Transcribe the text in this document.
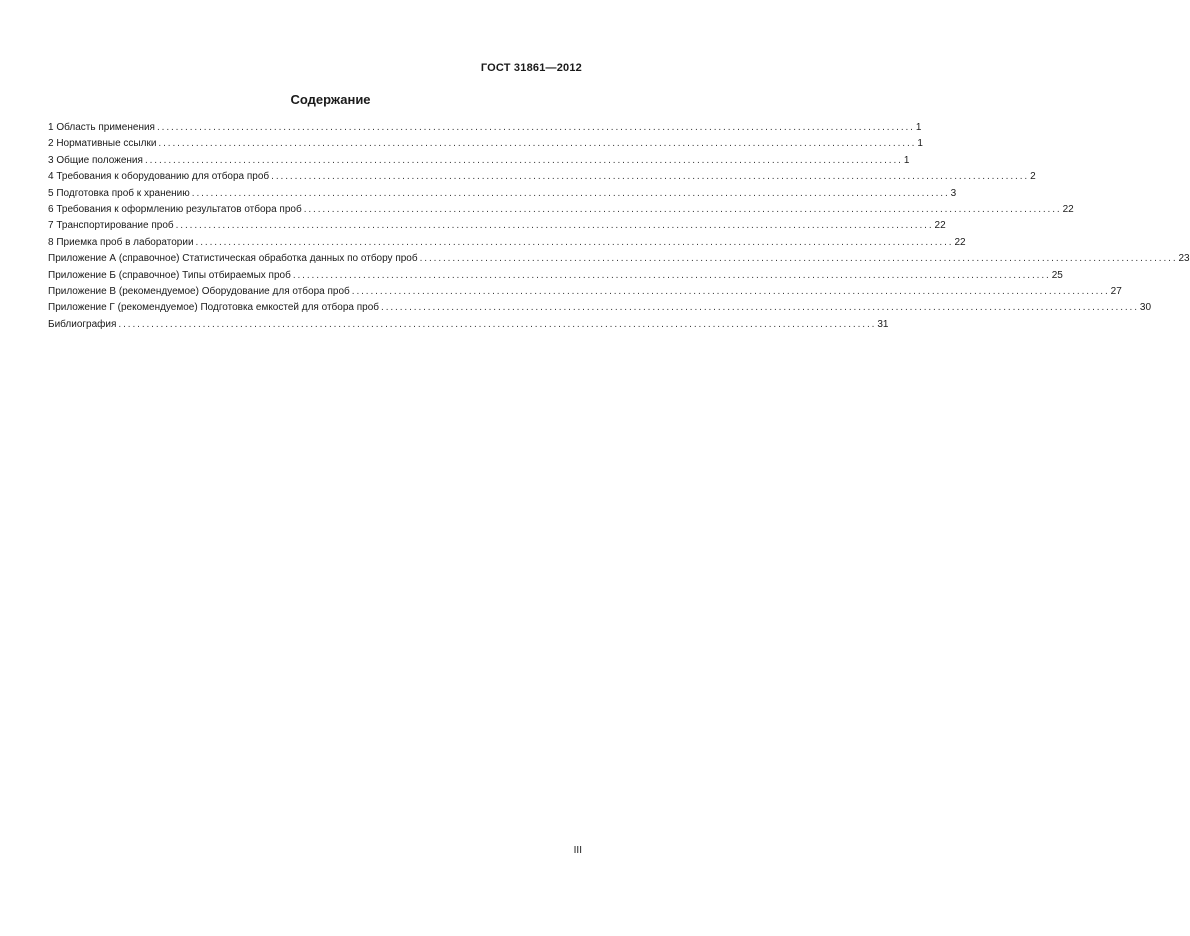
ГОСТ 31861—2012
Содержание
1 Область применения .................................................................................................................................................................. 1
2 Нормативные ссылки .................................................................................................................................................................. 1
3 Общие положения .................................................................................................................................................................. 1
4 Требования к оборудованию для отбора проб .................................................................................................................................................................. 2
5 Подготовка проб к хранению .................................................................................................................................................................. 3
6 Требования к оформлению результатов отбора проб .................................................................................................................................................................. 22
7 Транспортирование проб .................................................................................................................................................................. 22
8 Приемка проб в лаборатории .................................................................................................................................................................. 22
Приложение А (справочное) Статистическая обработка данных по отбору проб .................................................................................................................................................................. 23
Приложение Б (справочное) Типы отбираемых проб .................................................................................................................................................................. 25
Приложение В (рекомендуемое) Оборудование для отбора проб .................................................................................................................................................................. 27
Приложение Г (рекомендуемое) Подготовка емкостей для отбора проб .................................................................................................................................................................. 30
Библиография .................................................................................................................................................................. 31
III
